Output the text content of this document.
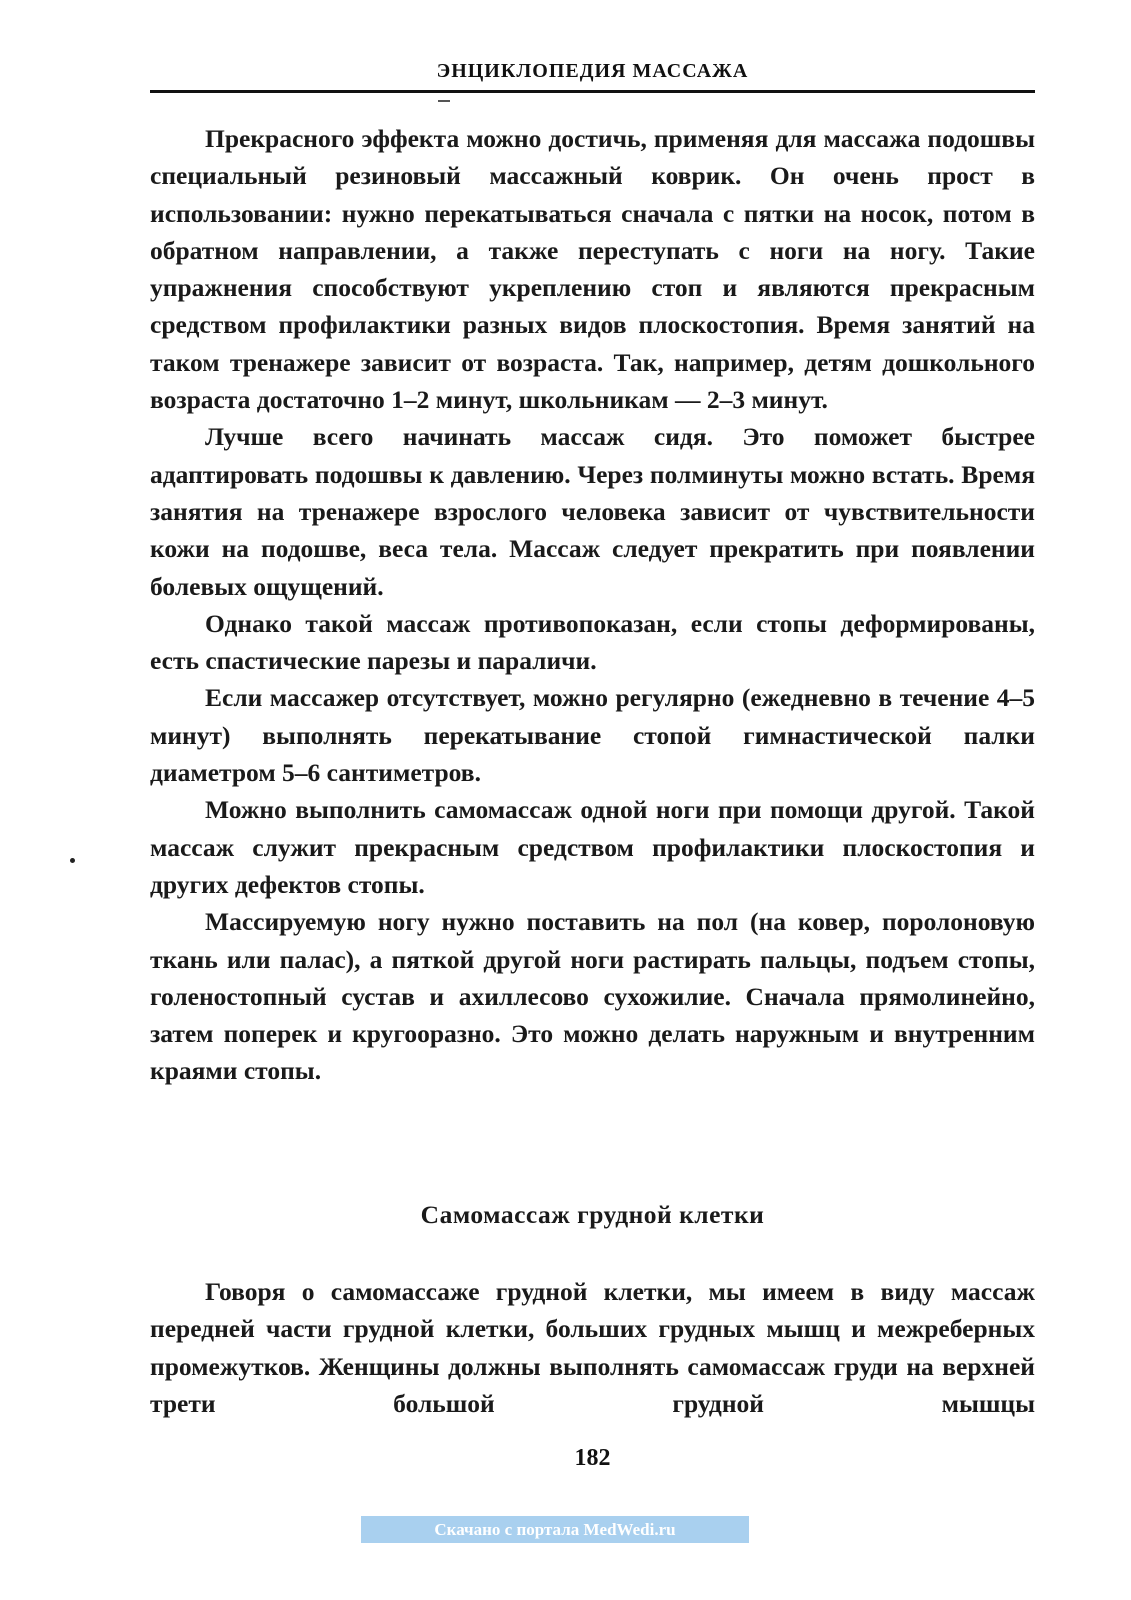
ЭНЦИКЛОПЕДИЯ МАССАЖА

Прекрасного эффекта можно достичь, применяя для массажа подошвы специальный резиновый массажный коврик. Он очень прост в использовании: нужно перекатываться сначала с пятки на носок, потом в обратном направлении, а также переступать с ноги на ногу. Такие упражнения способствуют укреплению стоп и являются прекрасным средством профилактики разных видов плоскостопия. Время занятий на таком тренажере зависит от возраста. Так, например, детям дошкольного возраста достаточно 1–2 минут, школьникам — 2–3 минут.

Лучше всего начинать массаж сидя. Это поможет быстрее адаптировать подошвы к давлению. Через полминуты можно встать. Время занятия на тренажере взрослого человека зависит от чувствительности кожи на подошве, веса тела. Массаж следует прекратить при появлении болевых ощущений.

Однако такой массаж противопоказан, если стопы деформированы, есть спастические парезы и параличи.

Если массажер отсутствует, можно регулярно (ежедневно в течение 4–5 минут) выполнять перекатывание стопой гимнастической палки диаметром 5–6 сантиметров.

Можно выполнить самомассаж одной ноги при помощи другой. Такой массаж служит прекрасным средством профилактики плоскостопия и других дефектов стопы.

Массируемую ногу нужно поставить на пол (на ковер, поролоновую ткань или палас), а пяткой другой ноги растирать пальцы, подъем стопы, голеностопный сустав и ахиллесово сухожилие. Сначала прямолинейно, затем поперек и кругооразно. Это можно делать наружным и внутренним краями стопы.

Самомассаж грудной клетки

Говоря о самомассаже грудной клетки, мы имеем в виду массаж передней части грудной клетки, больших грудных мышц и межреберных промежутков. Женщины должны выполнять самомассаж груди на верхней трети большой грудной мышцы

182
Скачано с портала MedWedi.ru
